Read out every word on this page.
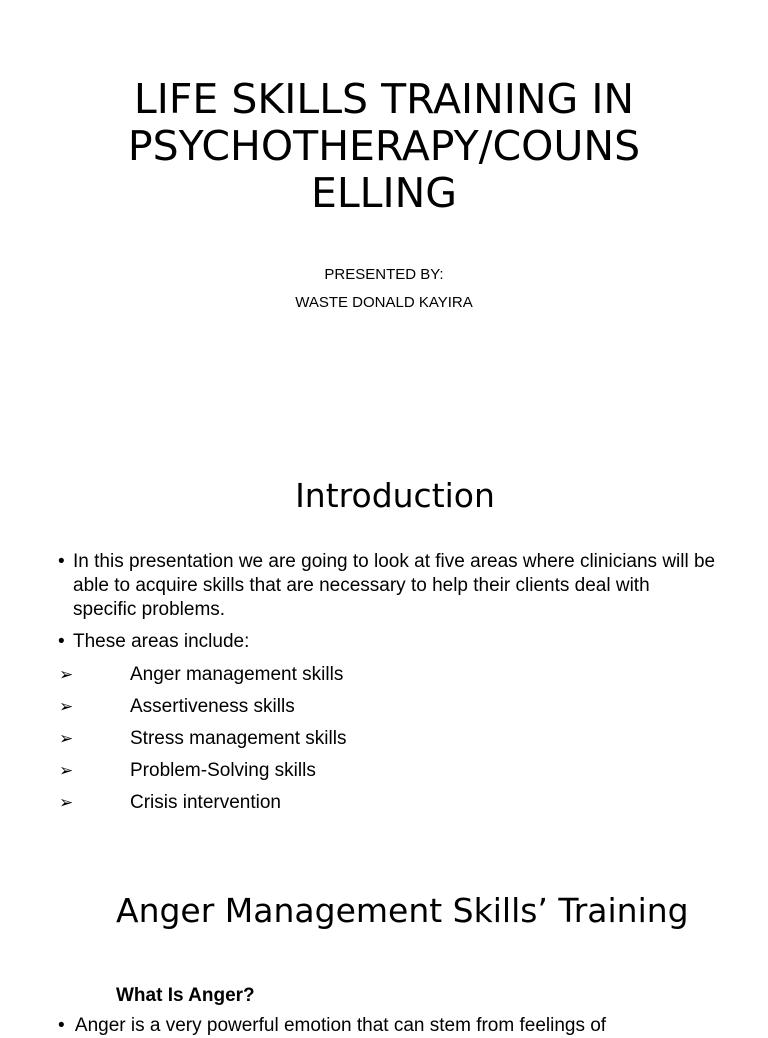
LIFE SKILLS TRAINING IN
PSYCHOTHERAPY/COUNS
ELLING
PRESENTED BY:
WASTE DONALD KAYIRA
Introduction
• In this presentation we are going to look at five areas where clinicians will be able to acquire skills that are necessary to help their clients deal with specific problems.
• These areas include:
➢	Anger management skills
➢	Assertiveness skills
➢	Stress management skills
➢	Problem-Solving skills
➢	Crisis intervention
Anger Management Skills’ Training
What Is Anger?
• Anger is a very powerful emotion that can stem from feelings of
